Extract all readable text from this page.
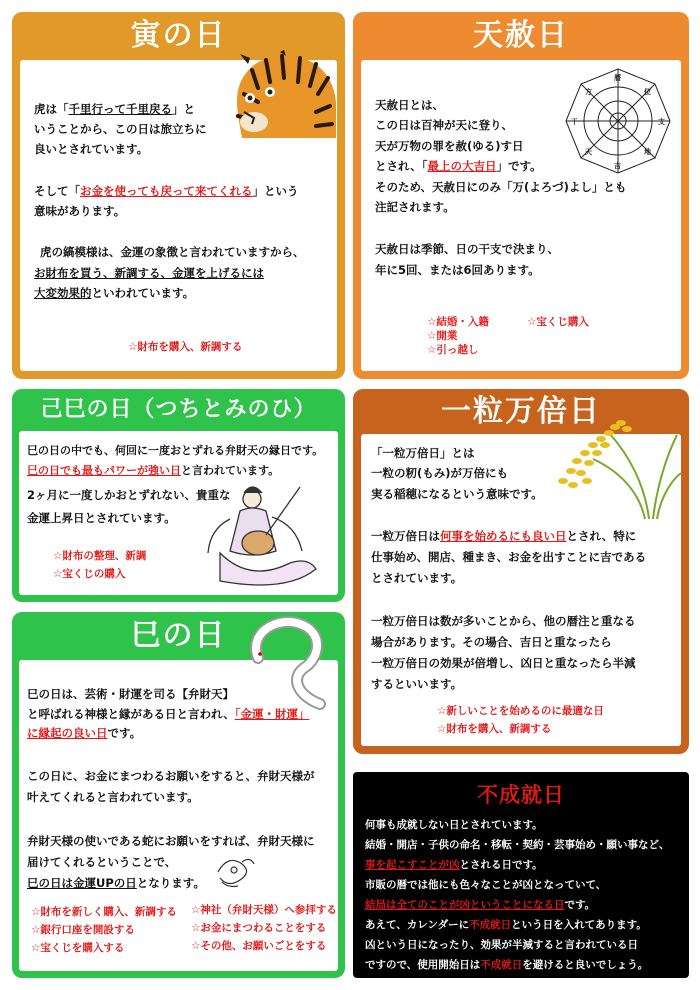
寅の日
虎は「千里行って千里戻る」と
いうことから、この日は旅立ちに
良いとされています。
そして「お金を使っても戻って来てくれる」という
意味があります。
虎の縞模様は、金運の象徴と言われていますから、
お財布を買う、新調する、金運を上げるには
大変効果的といわれています。
☆財布を購入、新調する
天赦日
天赦日とは、
この日は百神が天に登り、
天が万物の罪を赦(ゆる)す日
とされ、「最上の大吉日」です。
そのため、天赦日にのみ「万(よろづ)よし」とも
注記されます。
天赦日は季節、日の干支で決まり、
年に5回、または6回あります。
☆結婚・入籍	☆宝くじ購入
☆開業
☆引っ越し
暦
吉
干	支
方	位
天	地
己巳の日（つちとみのひ）
巳の日の中でも、何回に一度おとずれる弁財天の縁日です。
巳の日でも最もパワーが強い日と言われています。
2ヶ月に一度しかおとずれない、貴重な
金運上昇日とされています。
☆財布の整理、新調
☆宝くじの購入
巳の日
巳の日は、芸術・財運を司る【弁財天】
と呼ばれる神様と縁がある日と言われ、「金運・財運」
に縁起の良い日です。
この日に、お金にまつわるお願いをすると、弁財天様が
叶えてくれると言われています。
弁財天様の使いである蛇にお願いをすれば、弁財天様に
届けてくれるということで、
巳の日は金運UPの日となります。
☆財布を新しく購入、新調する
☆銀行口座を開設する
☆宝くじを購入する
☆神社（弁財天様）へ参拝する
☆お金にまつわることをする
☆その他、お願いごとをする
一粒万倍日
「一粒万倍日」とは
一粒の籾(もみ)が万倍にも
実る稲穂になるという意味です。
一粒万倍日は何事を始めるにも良い日とされ、特に
仕事始め、開店、種まき、お金を出すことに吉である
とされています。
一粒万倍日は数が多いことから、他の暦注と重なる
場合があります。その場合、吉日と重なったら
一粒万倍日の効果が倍増し、凶日と重なったら半減
するといいます。
☆新しいことを始めるのに最適な日
☆財布を購入、新調する
不成就日
何事も成就しない日とされています。
結婚・開店・子供の命名・移転・契約・芸事始め・願い事など、
事を起こすことが凶とされる日です。
市販の暦では他にも色々なことが凶となっていて、
結局は全てのことが凶ということになる日です。
あえて、カレンダーに不成就日という日を入れてあります。
凶という日になったり、効果が半減すると言われている日
ですので、使用開始日は不成就日を避けると良いでしょう。
